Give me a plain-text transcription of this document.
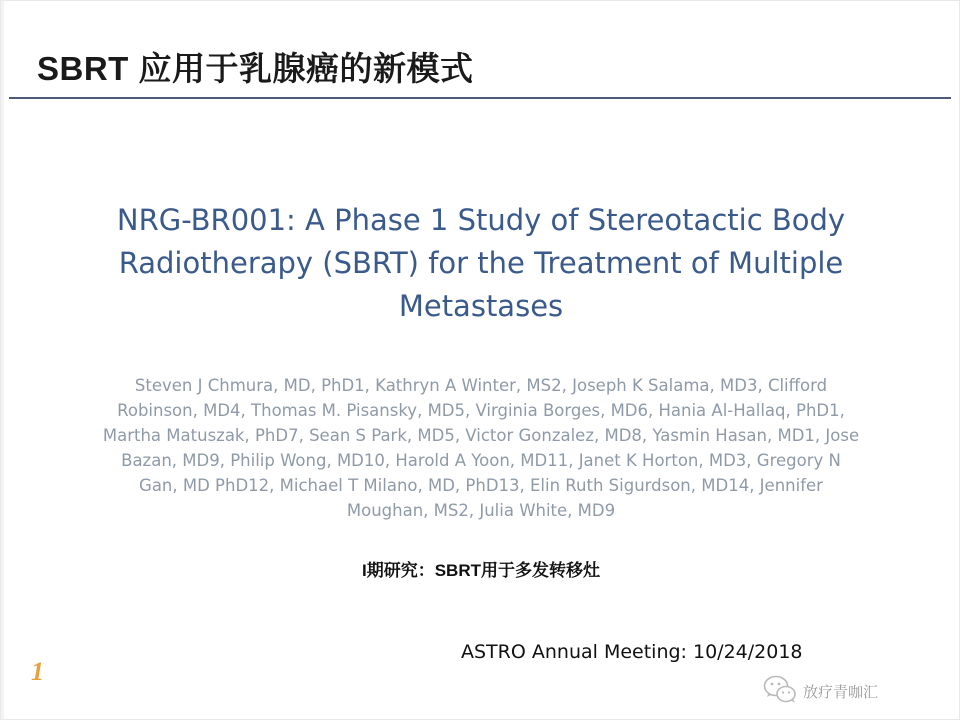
SBRT 应用于乳腺癌的新模式
NRG-BR001: A Phase 1 Study of Stereotactic Body Radiotherapy (SBRT) for the Treatment of Multiple Metastases
Steven J Chmura, MD, PhD1, Kathryn A Winter, MS2, Joseph K Salama, MD3, Clifford Robinson, MD4, Thomas M. Pisansky, MD5, Virginia Borges, MD6, Hania Al-Hallaq, PhD1, Martha Matuszak, PhD7, Sean S Park, MD5, Victor Gonzalez, MD8, Yasmin Hasan, MD1, Jose Bazan, MD9, Philip Wong, MD10, Harold A Yoon, MD11, Janet K Horton, MD3, Gregory N Gan, MD PhD12, Michael T Milano, MD, PhD13, Elin Ruth Sigurdson, MD14, Jennifer Moughan, MS2, Julia White, MD9
I期研究：SBRT用于多发转移灶
ASTRO Annual Meeting: 10/24/2018
1
放疗青咖汇
